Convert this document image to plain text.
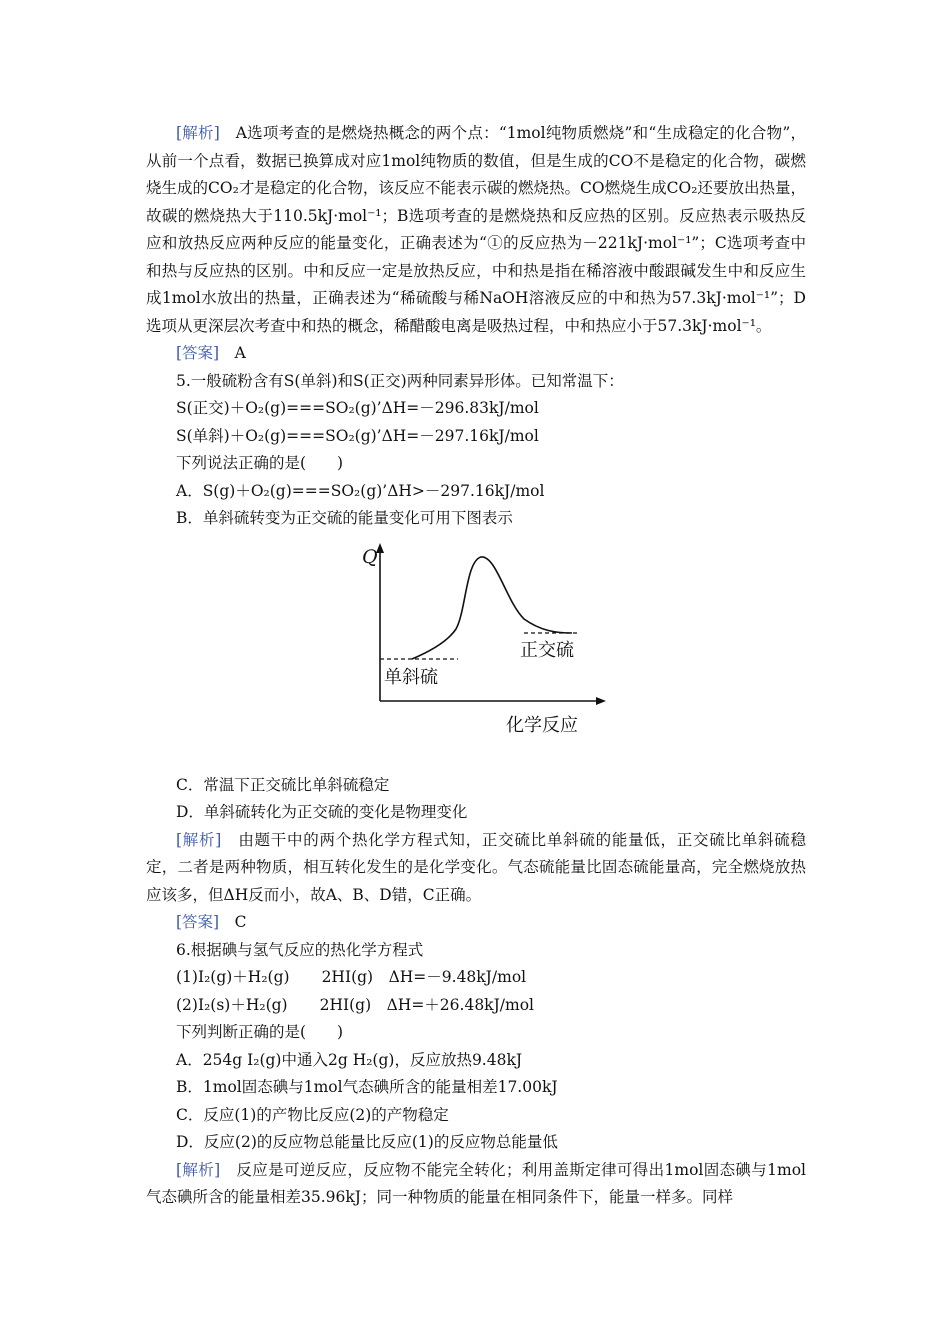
[解析]　 A选项考查的是燃烧热概念的两个点：“1mol纯物质燃烧”和“生成稳定的化合物”，从前一个点看，数据已换算成对应1mol纯物质的数值，但是生成的CO不是稳定的化合物，碳燃烧生成的CO₂才是稳定的化合物，该反应不能表示碳的燃烧热。CO燃烧生成CO₂还要放出热量，故碳的燃烧热大于110.5kJ·mol⁻¹；B选项考查的是燃烧热和反应热的区别。反应热表示吸热反应和放热反应两种反应的能量变化，正确表述为“①的反应热为－221kJ·mol⁻¹”；C选项考查中和热与反应热的区别。中和反应一定是放热反应，中和热是指在稀溶液中酸跟碱发生中和反应生成1mol水放出的热量，正确表述为“稀硫酸与稀NaOH溶液反应的中和热为57.3kJ·mol⁻¹”；D选项从更深层次考查中和热的概念，稀醋酸电离是吸热过程，中和热应小于57.3kJ·mol⁻¹。

[答案]　 A

5.一般硫粉含有S(单斜)和S(正交)两种同素异形体。已知常温下：

S(正交)＋O₂(g)===SO₂(g)’ΔH=－296.83kJ/mol

S(单斜)＋O₂(g)===SO₂(g)’ΔH=－297.16kJ/mol

下列说法正确的是(　　)

A．S(g)＋O₂(g)===SO₂(g)’ΔH>－297.16kJ/mol

B．单斜硫转变为正交硫的能量变化可用下图表示

Q
单斜硫
正交硫
化学反应

C．常温下正交硫比单斜硫稳定

D．单斜硫转化为正交硫的变化是物理变化

[解析]　 由题干中的两个热化学方程式知，正交硫比单斜硫的能量低，正交硫比单斜硫稳定，二者是两种物质，相互转化发生的是化学变化。气态硫能量比固态硫能量高，完全燃烧放热应该多，但ΔH反而小，故A、B、D错，C正确。

[答案]　 C

6.根据碘与氢气反应的热化学方程式

(1)I₂(g)＋H₂(g) 2HI(g)　ΔH=－9.48kJ/mol

(2)I₂(s)＋H₂(g) 2HI(g)　ΔH=＋26.48kJ/mol

下列判断正确的是(　　)

A．254g I₂(g)中通入2g H₂(g)，反应放热9.48kJ

B．1mol固态碘与1mol气态碘所含的能量相差17.00kJ

C．反应(1)的产物比反应(2)的产物稳定

D．反应(2)的反应物总能量比反应(1)的反应物总能量低

[解析]　 反应是可逆反应，反应物不能完全转化；利用盖斯定律可得出1mol固态碘与1mol气态碘所含的能量相差35.96kJ；同一种物质的能量在相同条件下，能量一样多。同样
